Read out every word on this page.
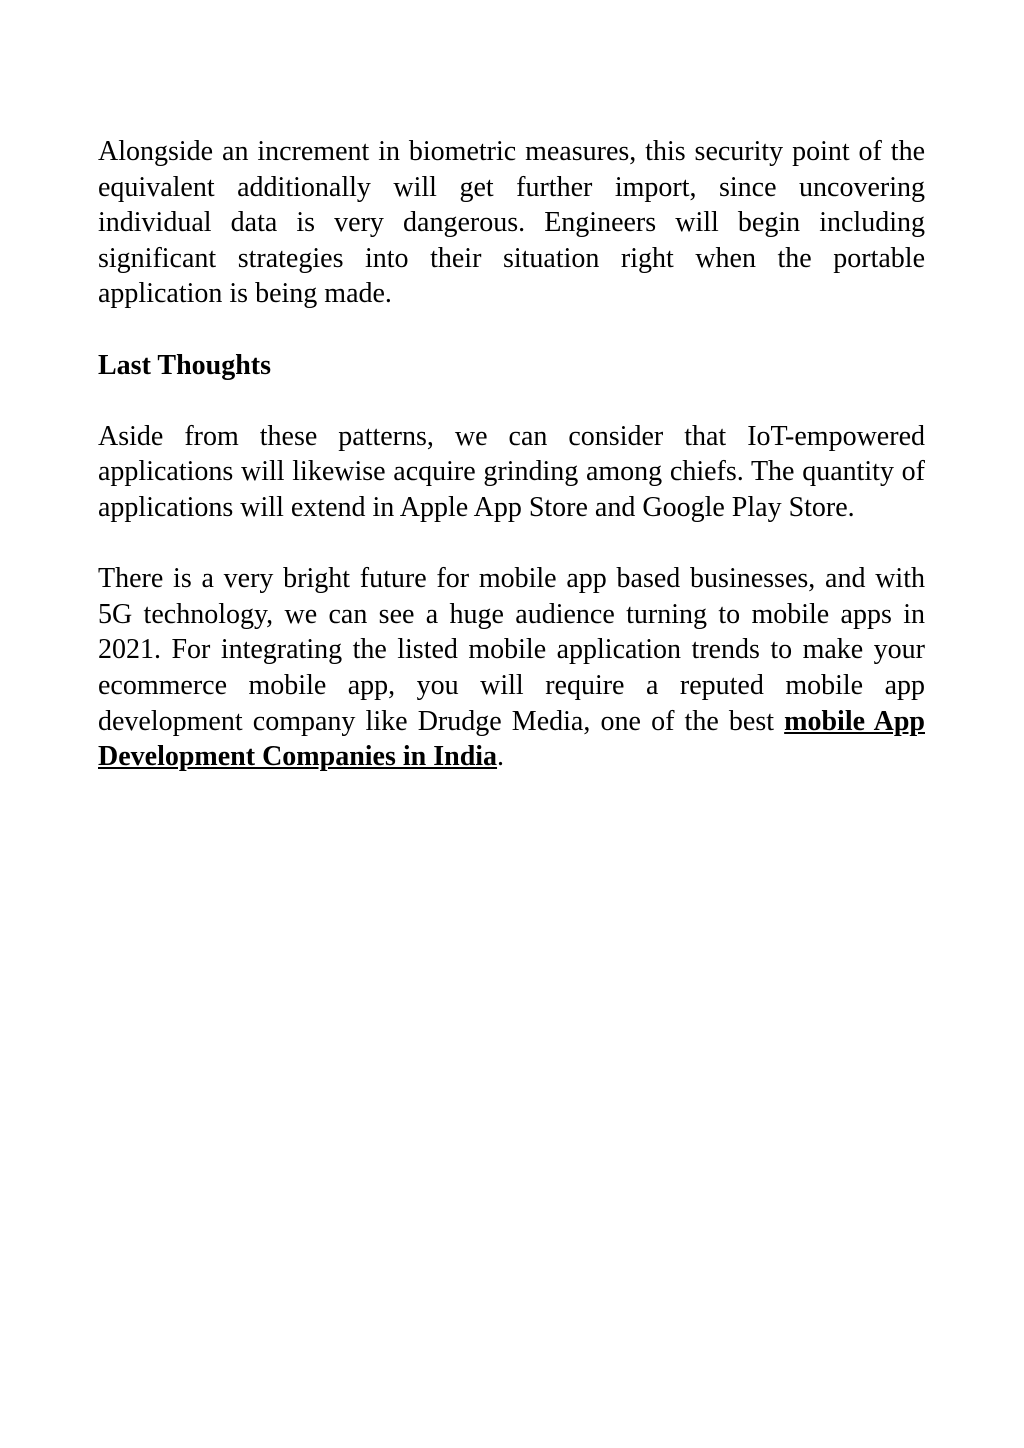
Alongside an increment in biometric measures, this security point of the equivalent additionally will get further import, since uncovering individual data is very dangerous. Engineers will begin including significant strategies into their situation right when the portable application is being made.

Last Thoughts

Aside from these patterns, we can consider that IoT-empowered applications will likewise acquire grinding among chiefs. The quantity of applications will extend in Apple App Store and Google Play Store.

There is a very bright future for mobile app based businesses, and with 5G technology, we can see a huge audience turning to mobile apps in 2021. For integrating the listed mobile application trends to make your ecommerce mobile app, you will require a reputed mobile app development company like Drudge Media, one of the best mobile App Development Companies in India.
